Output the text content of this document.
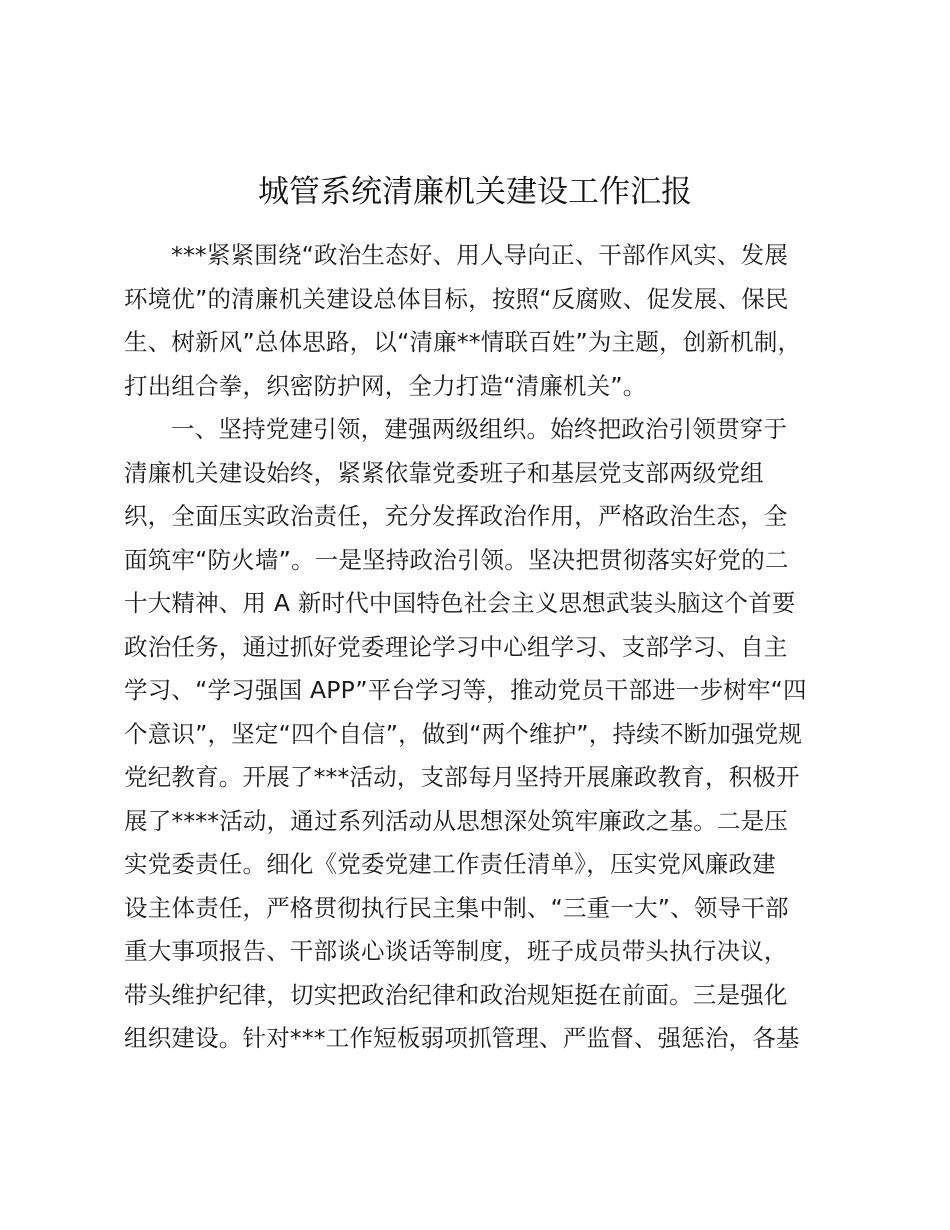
城管系统清廉机关建设工作汇报
***紧紧围绕“政治生态好、用人导向正、干部作风实、发展
环境优”的清廉机关建设总体目标，按照“反腐败、促发展、保民
生、树新风”总体思路，以“清廉**情联百姓”为主题，创新机制，
打出组合拳，织密防护网，全力打造“清廉机关”。
一、坚持党建引领，建强两级组织。始终把政治引领贯穿于
清廉机关建设始终，紧紧依靠党委班子和基层党支部两级党组
织，全面压实政治责任，充分发挥政治作用，严格政治生态，全
面筑牢“防火墙”。一是坚持政治引领。坚决把贯彻落实好党的二
十大精神、用 A 新时代中国特色社会主义思想武装头脑这个首要
政治任务，通过抓好党委理论学习中心组学习、支部学习、自主
学习、“学习强国 APP”平台学习等，推动党员干部进一步树牢“四
个意识”，坚定“四个自信”，做到“两个维护”，持续不断加强党规
党纪教育。开展了***活动，支部每月坚持开展廉政教育，积极开
展了****活动，通过系列活动从思想深处筑牢廉政之基。二是压
实党委责任。细化《党委党建工作责任清单》，压实党风廉政建
设主体责任，严格贯彻执行民主集中制、“三重一大”、领导干部
重大事项报告、干部谈心谈话等制度，班子成员带头执行决议，
带头维护纪律，切实把政治纪律和政治规矩挺在前面。三是强化
组织建设。针对***工作短板弱项抓管理、严监督、强惩治，各基
